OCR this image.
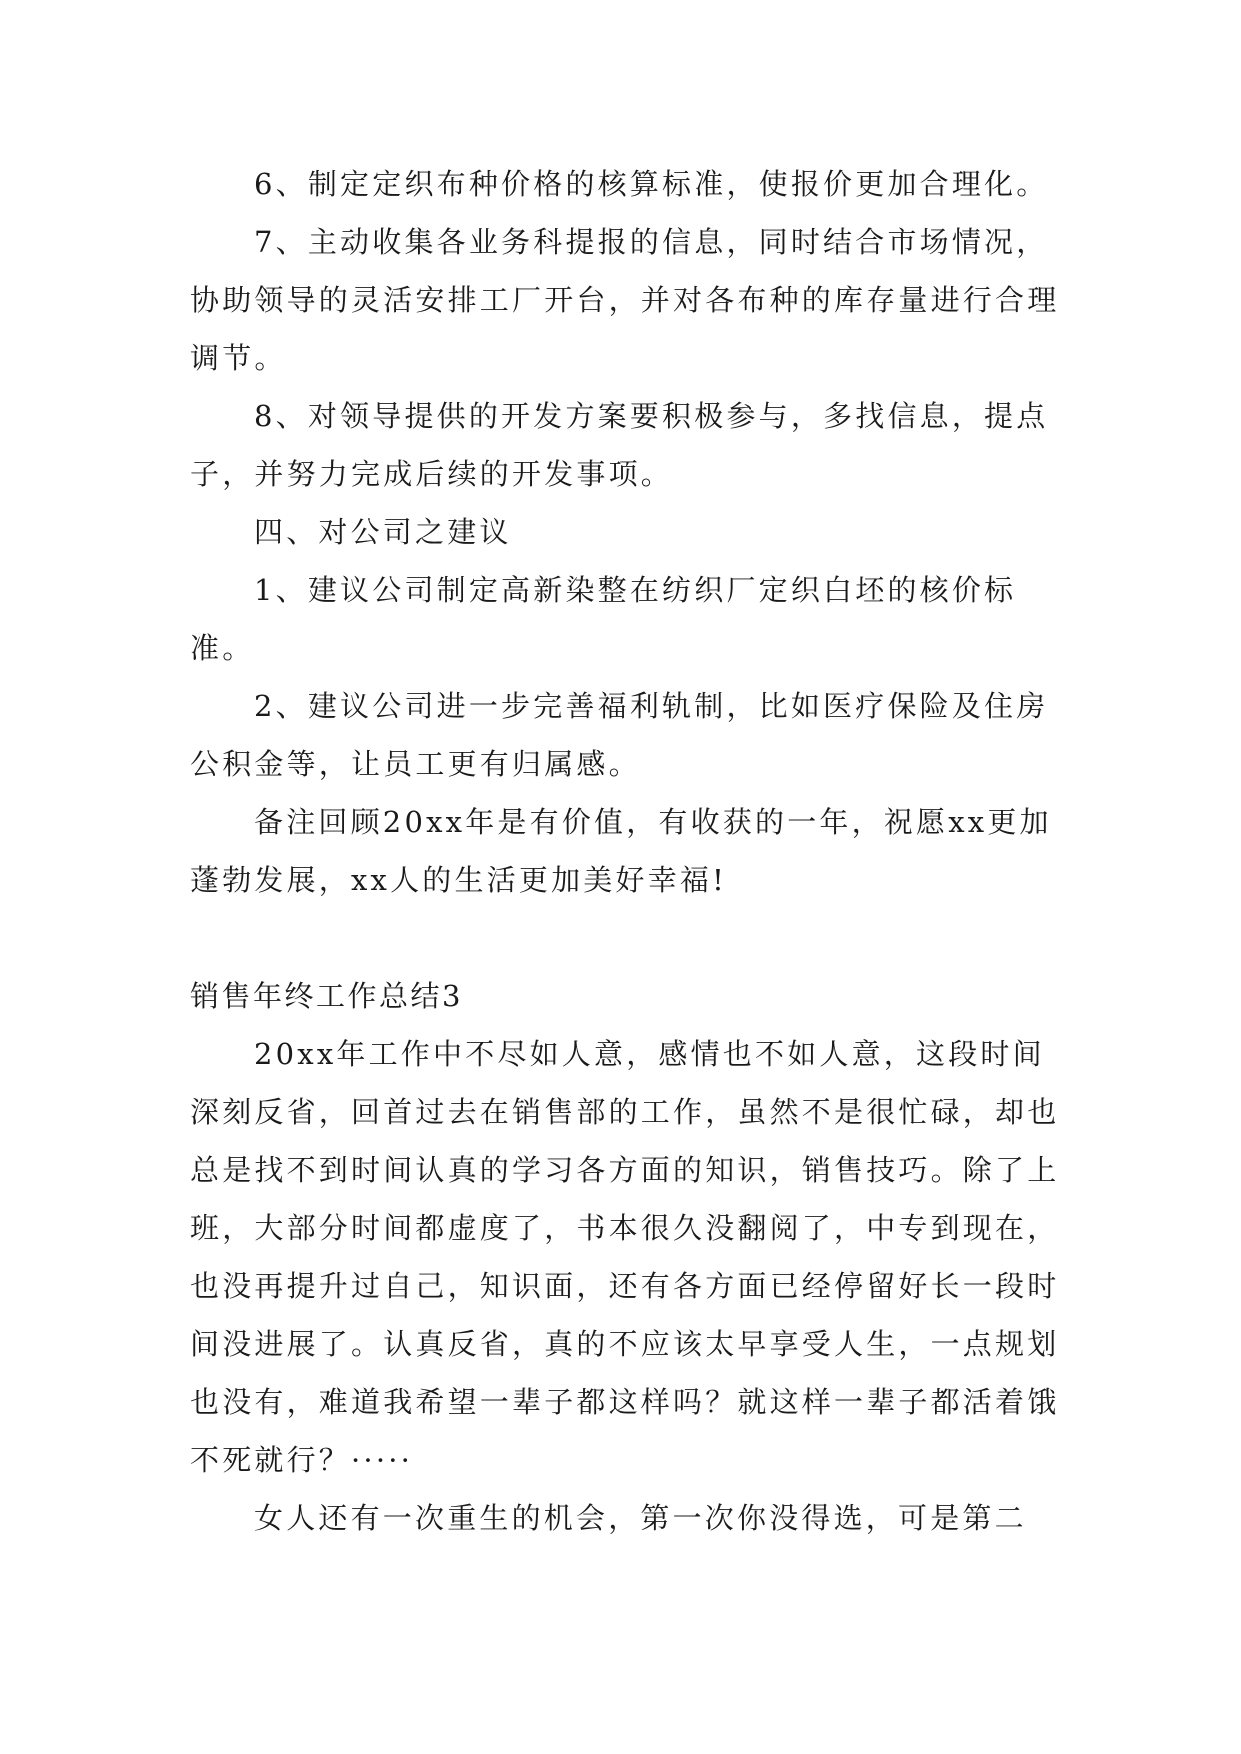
6、制定定织布种价格的核算标准，使报价更加合理化。

7、主动收集各业务科提报的信息，同时结合市场情况，协助领导的灵活安排工厂开台，并对各布种的库存量进行合理调节。

8、对领导提供的开发方案要积极参与，多找信息，提点子，并努力完成后续的开发事项。

四、对公司之建议

1、建议公司制定高新染整在纺织厂定织白坯的核价标准。

2、建议公司进一步完善福利轨制，比如医疗保险及住房公积金等，让员工更有归属感。

备注回顾20xx年是有价值，有收获的一年，祝愿xx更加蓬勃发展，xx人的生活更加美好幸福!

销售年终工作总结3

20xx年工作中不尽如人意，感情也不如人意，这段时间深刻反省，回首过去在销售部的工作，虽然不是很忙碌，却也总是找不到时间认真的学习各方面的知识，销售技巧。除了上班，大部分时间都虚度了，书本很久没翻阅了，中专到现在，也没再提升过自己，知识面，还有各方面已经停留好长一段时间没进展了。认真反省，真的不应该太早享受人生，一点规划也没有，难道我希望一辈子都这样吗？就这样一辈子都活着饿不死就行？·····

女人还有一次重生的机会，第一次你没得选，可是第二
